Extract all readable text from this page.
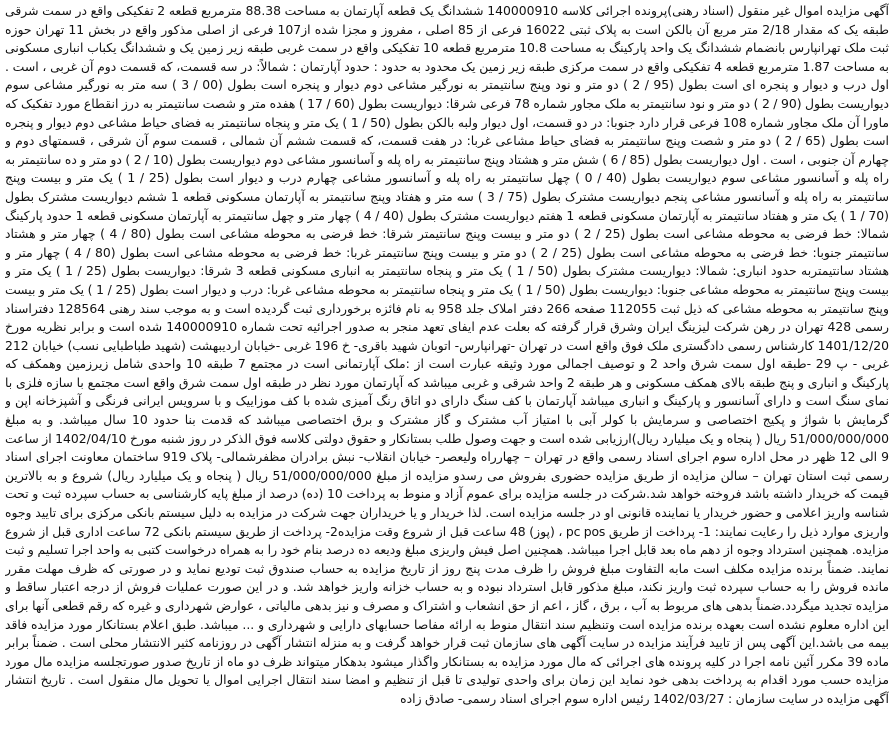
آگهی مزایده اموال غیر منقول (اسناد رهنی)پرونده اجرائی کلاسه 140000910 ششدانگ یک قطعه آپارتمان به مساحت 88.38 مترمربع قطعه 2 تفکیکی واقع در سمت شرقی طبقه یک که مقدار 2/18 متر مربع آن بالکن است به پلاک ثبتی 16022 فرعی از 85 اصلی ، مفروز و مجزا شده از107 فرعی از اصلی مذکور واقع در بخش 11 تهران حوزه ثبت ملک تهرانپارس بانضمام ششدانگ یک واحد پارکینگ به مساحت 10.8 مترمربع قطعه 10 تفکیکی واقع در سمت غربی طبقه زیر زمین یک و ششدانگ یکباب انباری مسکونی به مساحت 1.87 مترمربع قطعه 4 تفکیکی واقع در سمت مرکزی طبقه زیر زمین یک محدود به حدود : حدود آپارتمان : شمالاً: در سه قسمت، که قسمت دوم آن غربی ، است . اول درب و دیوار و پنجره ای است بطول (95 / 2 ) دو متر و نود وپنج سانتیمتر به نورگیر مشاعی دوم دیوار و پنجره است بطول (00 / 3 ) سه متر به نورگیر مشاعی سوم دیواریست بطول (90 / 2 ) دو متر و نود سانتیمتر به ملک مجاور شماره 78 فرعی شرقا: دیواریست بطول (60 / 17 ) هفده متر و شصت سانتیمتر به درز انقطاع مورد تفکیک که ماورا آن ملک مجاور شماره 108 فرعی قرار دارد جنوبا: در دو قسمت، اول دیوار ولبه بالکن بطول (50 / 1 ) یک متر و پنجاه سانتیمتر به فضای حیاط مشاعی دوم دیوار و پنجره است بطول (65 / 2 ) دو متر و شصت وپنج سانتیمتر به فضای حیاط مشاعی غربا: در هفت قسمت، که قسمت ششم آن شمالی ، قسمت سوم آن شرقی ، قسمتهای دوم و چهارم آن جنوبی ، است . اول دیواریست بطول (85 / 6 ) شش متر و هشتاد وپنج سانتیمتر به راه پله و آسانسور مشاعی دوم دیواریست بطول (10 / 2 ) دو متر و ده سانتیمتر به راه پله و آسانسور مشاعی سوم دیواریست بطول (40 / 0 ) چهل سانتیمتر به راه پله و آسانسور مشاعی چهارم درب و دیوار است بطول (25 / 1 ) یک متر و بیست وپنج سانتیمتر به راه پله و آسانسور مشاعی پنجم دیواریست مشترک بطول (75 / 3 ) سه متر و هفتاد وپنج سانتیمتر به آپارتمان مسکونی قطعه 1 ششم دیواریست مشترک بطول (70 / 1 ) یک متر و هفتاد سانتیمتر به آپارتمان مسکونی قطعه 1 هفتم دیواریست مشترک بطول (40 / 4 ) چهار متر و چهل سانتیمتر به آپارتمان مسکونی قطعه 1 حدود پارکینگ شمالا: خط فرضی به محوطه مشاعی است بطول (25 / 2 ) دو متر و بیست وپنج سانتیمتر شرقا: خط فرضی به محوطه مشاعی است بطول (80 / 4 ) چهار متر و هشتاد سانتیمتر جنوبا: خط فرضی به محوطه مشاعی است بطول (25 / 2 ) دو متر و بیست وپنج سانتیمتر غربا: خط فرضی به محوطه مشاعی است بطول (80 / 4 ) چهار متر و هشتاد سانتیمتربه حدود انباری: شمالا: دیواریست مشترک بطول (50 / 1 ) یک متر و پنجاه سانتیمتر به انباری مسکونی قطعه 3 شرقا: دیواریست بطول (25 / 1 ) یک متر و بیست وپنج سانتیمتر به محوطه مشاعی جنوبا: دیواریست بطول (50 / 1 ) یک متر و پنجاه سانتیمتر به محوطه مشاعی غربا: درب و دیوار است بطول (25 / 1 ) یک متر و بیست وپنج سانتیمتر به محوطه مشاعی که ذیل ثبت 112055 صفحه 266 دفتر املاک جلد 958 به نام فائزه برخورداری ثبت گردیده است و به موجب سند رهنی 128564 دفتراسناد رسمی 428 تهران در رهن شرکت لیزینگ ایران وشرق قرار گرفته که بعلت عدم ایفای تعهد منجر به صدور اجرائیه تحت شماره 140000910 شده است و برابر نظریه مورخ 1401/12/20 کارشناس رسمی دادگستری ملک فوق واقع است در تهران -تهرانپارس- اتوبان شهید باقری- خ 196 غربی -خیابان اردیبهشت (شهید طباطبایی نسب) خیابان 212 غربی - پ 29 -طبقه اول سمت شرق واحد 2 و توصیف اجمالی مورد وثیقه عبارت است از :ملک آپارتمانی است در مجتمع 7 طبقه 10 واحدی شامل زیرزمین وهمکف که پارکینگ و انباری و پنج طبقه بالای همکف مسکونی و هر طبقه 2 واحد شرقی و غربی میباشد که آپارتمان مورد نظر در طبقه اول سمت شرق واقع است مجتمع با سازه فلزی با نمای سنگ است و دارای آسانسور و پارکینگ و انباری میباشد آپارتمان با کف سنگ دارای دو اتاق رنگ آمیزی شده با کف موزاییک و با سرویس ایرانی فرنگی و آشپزخانه اپن و گرمایش با شواژ و پکیج اختصاصی و سرمایش با کولر آبی با امتیاز آب مشترک و گاز مشترک و برق اختصاصی میباشد که قدمت بنا حدود 10 سال میباشد. و به مبلغ 51/000/000/000 ریال ( پنجاه و یک میلیارد ریال)ارزیابی شده است و جهت وصول طلب بستانکار و حقوق دولتی کلاسه فوق الذکر در روز شنبه مورخ 1402/04/10 از ساعت 9 الی 12 ظهر در محل اداره سوم اجرای اسناد رسمی واقع در تهران – چهارراه ولیعصر- خیابان انقلاب- نبش برادران مظفرشمالی- پلاک 919 ساختمان معاونت اجرای اسناد رسمی ثبت استان تهران – سالن مزایده از طریق مزایده حضوری بفروش می رسدو مزایده از مبلغ 51/000/000/000 ریال ( پنجاه و یک میلیارد ریال) شروع و به بالاترین قیمت که خریدار داشته باشد فروخته خواهد شد.شرکت در جلسه مزایده برای عموم آزاد و منوط به پرداخت 10 (ده) درصد از مبلغ پایه کارشناسی به حساب سپرده ثبت و تحت شناسه واریز اعلامی و حضور خریدار یا نماینده قانونی او در جلسه مزایده است. لذا خریدار و یا خریداران جهت شرکت در مزایده به دلیل سیستم بانکی مرکزی برای تایید وجوه واریزی موارد ذیل را رعایت نمایند: 1- پرداخت از طریق pc pos ، (پوز) 48 ساعت قبل از شروع وقت مزایده2- پرداخت از طریق سیستم بانکی 72 ساعت اداری قبل از شروع مزایده. همچنین استرداد وجوه از دهم ماه بعد قابل اجرا میباشد. همچنین اصل فیش واریزی مبلغ ودیعه ده درصد بنام خود را به همراه درخواست کتبی به واحد اجرا تسلیم و ثبت نمایند. ضمناً برنده مزایده مکلف است مابه التفاوت مبلغ فروش را ظرف مدت پنج روز از تاریخ مزایده به حساب صندوق ثبت تودیع نماید و در صورتی که ظرف مهلت مقرر مانده فروش را به حساب سپرده ثبت واریز نکند، مبلغ مذکور قابل استرداد نبوده و به حساب خزانه واریز خواهد شد. و در این صورت عملیات فروش از درجه اعتبار ساقط و مزایده تجدید میگردد.ضمناً بدهی های مربوط به آب ، برق ، گاز ، اعم از حق انشعاب و اشتراک و مصرف و نیز بدهی مالیاتی ، عوارض شهرداری و غیره که رقم قطعی آنها برای این اداره معلوم نشده است بعهده برنده مزایده است وتنظیم سند انتقال منوط به ارائه مفاصا حسابهای دارایی و شهرداری و ... میباشد. طبق اعلام بستانکار مورد مزایده فاقد بیمه می باشد.این آگهی پس از تایید فرآیند مزایده در سایت آگهی های سازمان ثبت قرار خواهد گرفت و به منزله انتشار آگهی در روزنامه کثیر الانتشار محلی است . ضمناً برابر ماده 39 مکرر آئین نامه اجرا در کلیه پرونده های اجرائی که مال مورد مزایده به بستانکار واگذار میشود بدهکار میتواند ظرف دو ماه از تاریخ صدور صورتجلسه مزایده مال مورد مزایده حسب مورد اقدام به پرداخت بدهی خود نماید این زمان برای واحدی تولیدی تا قبل از تنظیم و امضا سند انتقال اجرایی اموال یا تحویل مال منقول است . تاریخ انتشار آگهی مزایده در سایت سازمان : 1402/03/27 رئیس اداره سوم اجرای اسناد رسمی- صادق زاده
